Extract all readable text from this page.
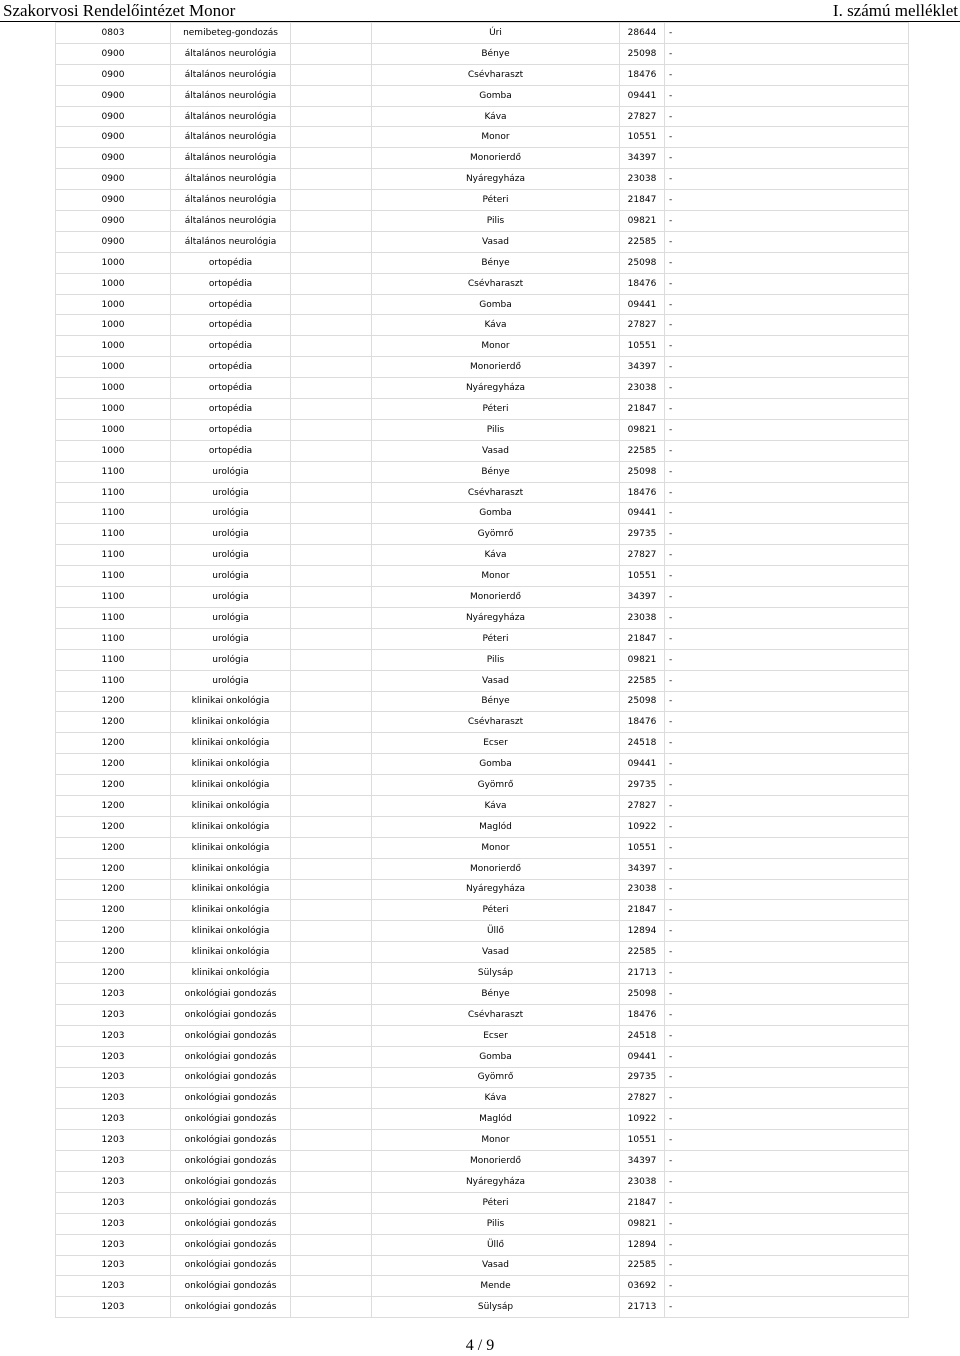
Szakorvosi Rendelőintézet Monor	I. számú melléklet
0803	nemibeteg-gondozás		Úri	28644	-
0900	általános neurológia		Bénye	25098	-
0900	általános neurológia		Csévharaszt	18476	-
0900	általános neurológia		Gomba	09441	-
0900	általános neurológia		Káva	27827	-
0900	általános neurológia		Monor	10551	-
0900	általános neurológia		Monorierdő	34397	-
0900	általános neurológia		Nyáregyháza	23038	-
0900	általános neurológia		Péteri	21847	-
0900	általános neurológia		Pilis	09821	-
0900	általános neurológia		Vasad	22585	-
1000	ortopédia		Bénye	25098	-
1000	ortopédia		Csévharaszt	18476	-
1000	ortopédia		Gomba	09441	-
1000	ortopédia		Káva	27827	-
1000	ortopédia		Monor	10551	-
1000	ortopédia		Monorierdő	34397	-
1000	ortopédia		Nyáregyháza	23038	-
1000	ortopédia		Péteri	21847	-
1000	ortopédia		Pilis	09821	-
1000	ortopédia		Vasad	22585	-
1100	urológia		Bénye	25098	-
1100	urológia		Csévharaszt	18476	-
1100	urológia		Gomba	09441	-
1100	urológia		Gyömrő	29735	-
1100	urológia		Káva	27827	-
1100	urológia		Monor	10551	-
1100	urológia		Monorierdő	34397	-
1100	urológia		Nyáregyháza	23038	-
1100	urológia		Péteri	21847	-
1100	urológia		Pilis	09821	-
1100	urológia		Vasad	22585	-
1200	klinikai onkológia		Bénye	25098	-
1200	klinikai onkológia		Csévharaszt	18476	-
1200	klinikai onkológia		Ecser	24518	-
1200	klinikai onkológia		Gomba	09441	-
1200	klinikai onkológia		Gyömrő	29735	-
1200	klinikai onkológia		Káva	27827	-
1200	klinikai onkológia		Maglód	10922	-
1200	klinikai onkológia		Monor	10551	-
1200	klinikai onkológia		Monorierdő	34397	-
1200	klinikai onkológia		Nyáregyháza	23038	-
1200	klinikai onkológia		Péteri	21847	-
1200	klinikai onkológia		Üllő	12894	-
1200	klinikai onkológia		Vasad	22585	-
1200	klinikai onkológia		Sülysáp	21713	-
1203	onkológiai gondozás		Bénye	25098	-
1203	onkológiai gondozás		Csévharaszt	18476	-
1203	onkológiai gondozás		Ecser	24518	-
1203	onkológiai gondozás		Gomba	09441	-
1203	onkológiai gondozás		Gyömrő	29735	-
1203	onkológiai gondozás		Káva	27827	-
1203	onkológiai gondozás		Maglód	10922	-
1203	onkológiai gondozás		Monor	10551	-
1203	onkológiai gondozás		Monorierdő	34397	-
1203	onkológiai gondozás		Nyáregyháza	23038	-
1203	onkológiai gondozás		Péteri	21847	-
1203	onkológiai gondozás		Pilis	09821	-
1203	onkológiai gondozás		Üllő	12894	-
1203	onkológiai gondozás		Vasad	22585	-
1203	onkológiai gondozás		Mende	03692	-
1203	onkológiai gondozás		Sülysáp	21713	-
4 / 9
